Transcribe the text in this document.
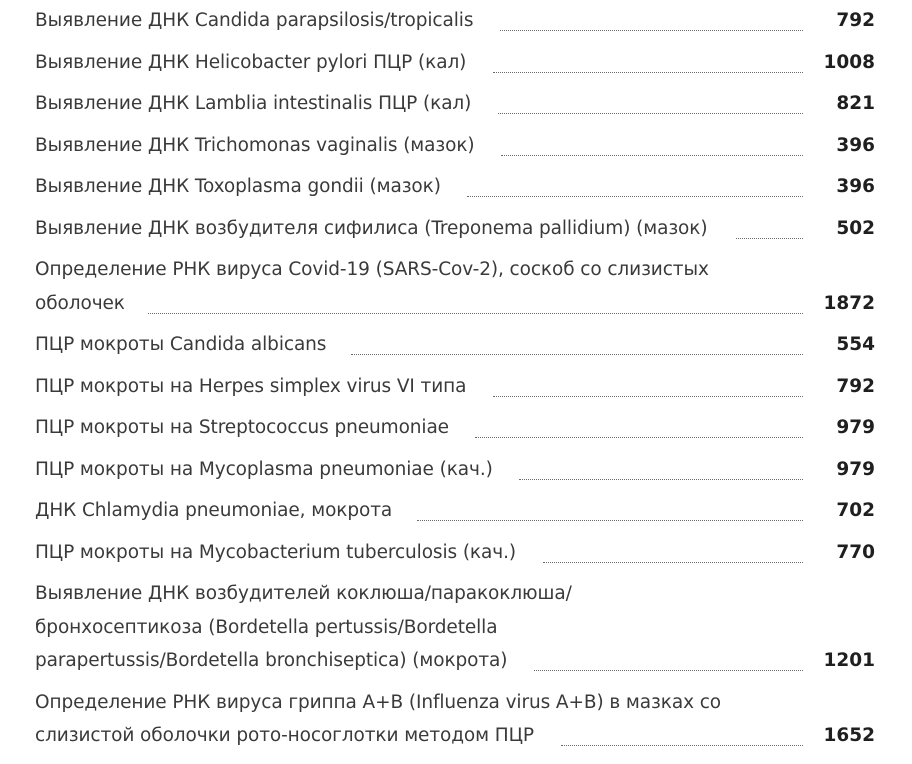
Выявление ДНК Candida parapsilosis/tropicalis	792
Выявление ДНК Helicobacter pylori ПЦР (кал)	1008
Выявление ДНК Lamblia intestinalis ПЦР (кал)	821
Выявление ДНК Trichomonas vaginalis (мазок)	396
Выявление ДНК Toxoplasma gondii (мазок)	396
Выявление ДНК возбудителя сифилиса (Treponema pallidium) (мазок)	502
Определение РНК вируса Covid-19 (SARS-Cov-2), соскоб со слизистых
оболочек	1872
ПЦР мокроты Candida albicans	554
ПЦР мокроты на Herpes simplex virus VI типа	792
ПЦР мокроты на Streptococcus pneumoniae	979
ПЦР мокроты на Mycoplasma pneumoniae (кач.)	979
ДНК Chlamydia pneumoniae, мокрота	702
ПЦР мокроты на Mycobacterium tuberculosis (кач.)	770
Выявление ДНК возбудителей коклюша/паракоклюша/
бронхосептикоза (Bordetella pertussis/Bordetella
parapertussis/Bordetella bronchiseptica) (мокрота)	1201
Определение РНК вируса гриппа А+В (Influenza virus A+B) в мазках со
слизистой оболочки рото-носоглотки методом ПЦР	1652
